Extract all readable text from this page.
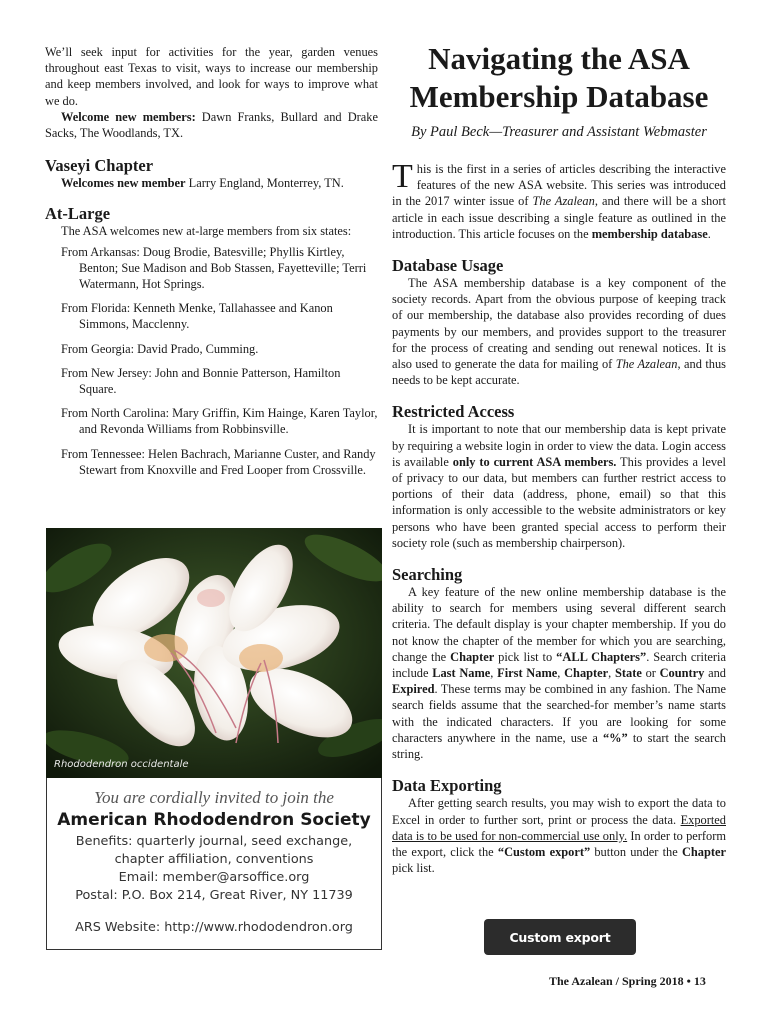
We’ll seek input for activities for the year, garden venues throughout east Texas to visit, ways to increase our membership and keep members involved, and look for ways to improve what we do.

Welcome new members: Dawn Franks, Bullard and Drake Sacks, The Woodlands, TX.

Vaseyi Chapter

Welcomes new member Larry England, Monterrey, TN.

At-Large

The ASA welcomes new at-large members from six states:

From Arkansas: Doug Brodie, Batesville; Phyllis Kirtley, Benton; Sue Madison and Bob Stassen, Fayetteville; Terri Watermann, Hot Springs.

From Florida: Kenneth Menke, Tallahassee and Kanon Simmons, Macclenny.

From Georgia: David Prado, Cumming.

From New Jersey: John and Bonnie Patterson, Hamilton Square.

From North Carolina: Mary Griffin, Kim Hainge, Karen Taylor, and Revonda Williams from Robbinsville.

From Tennessee: Helen Bachrach, Marianne Custer, and Randy Stewart from Knoxville and Fred Looper from Crossville.

Rhododendron occidentale
You are cordially invited to join the
American Rhododendron Society
Benefits: quarterly journal, seed exchange,
chapter affiliation, conventions
Email: member@arsoffice.org
Postal: P.O. Box 214, Great River, NY 11739
ARS Website: http://www.rhododendron.org
Navigating the ASA
Membership Database
By Paul Beck—Treasurer and Assistant Webmaster

This is the first in a series of articles describing the interactive features of the new ASA website. This series was introduced in the 2017 winter issue of The Azalean, and there will be a short article in each issue describing a single feature as outlined in the introduction. This article focuses on the membership database.

Database Usage

The ASA membership database is a key component of the society records. Apart from the obvious purpose of keeping track of our membership, the database also provides recording of dues payments by our members, and provides support to the treasurer for the process of creating and sending out renewal notices. It is also used to generate the data for mailing of The Azalean, and thus needs to be kept accurate.

Restricted Access

It is important to note that our membership data is kept private by requiring a website login in order to view the data. Login access is available only to current ASA members. This provides a level of privacy to our data, but members can further restrict access to portions of their data (address, phone, email) so that this information is only accessible to the website administrators or key persons who have been granted special access to perform their society role (such as membership chairperson).

Searching

A key feature of the new online membership database is the ability to search for members using several different search criteria. The default display is your chapter membership. If you do not know the chapter of the member for which you are searching, change the Chapter pick list to “ALL Chapters”. Search criteria include Last Name, First Name, Chapter, State or Country and Expired. These terms may be combined in any fashion. The Name search fields assume that the searched-for member’s name starts with the indicated characters. If you are looking for some characters anywhere in the name, use a “%” to start the search string.

Data Exporting

After getting search results, you may wish to export the data to Excel in order to further sort, print or process the data. Exported data is to be used for non-commercial use only. In order to perform the export, click the “Custom export” button under the Chapter pick list.

Custom export
The Azalean / Spring 2018 • 13
